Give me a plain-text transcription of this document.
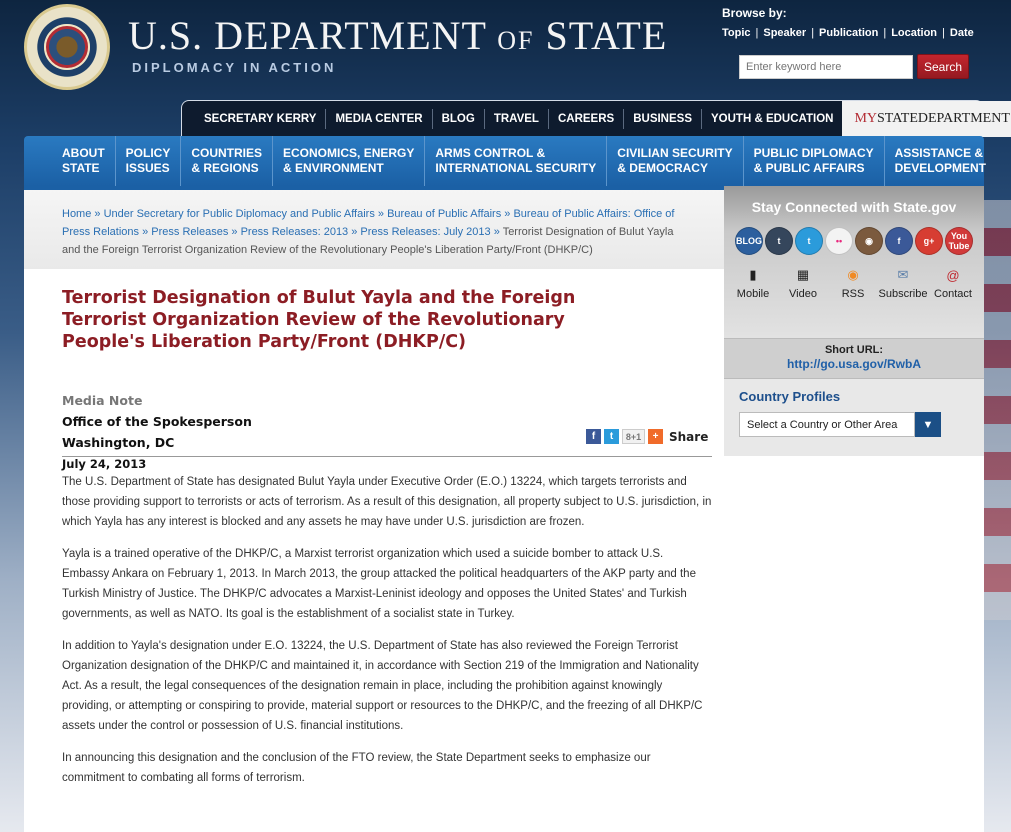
U.S. DEPARTMENT OF STATE
DIPLOMACY IN ACTION
Browse by:
Topic | Speaker | Publication | Location | Date
Enter keyword here
Search
SECRETARY KERRY	MEDIA CENTER	BLOG	TRAVEL	CAREERS	BUSINESS	YOUTH & EDUCATION	MY STATEDEPARTMENT
ABOUT
STATE
POLICY
ISSUES
COUNTRIES
& REGIONS
ECONOMICS, ENERGY
& ENVIRONMENT
ARMS CONTROL &
INTERNATIONAL SECURITY
CIVILIAN SECURITY
& DEMOCRACY
PUBLIC DIPLOMACY
& PUBLIC AFFAIRS
ASSISTANCE &
DEVELOPMENT
Home » Under Secretary for Public Diplomacy and Public Affairs » Bureau of Public Affairs » Bureau of Public Affairs: Office of Press Relations » Press Releases » Press Releases: 2013 » Press Releases: July 2013 » Terrorist Designation of Bulut Yayla and the Foreign Terrorist Organization Review of the Revolutionary People's Liberation Party/Front (DHKP/C)
Terrorist Designation of Bulut Yayla and the Foreign Terrorist Organization Review of the Revolutionary People's Liberation Party/Front (DHKP/C)
Media Note
Office of the Spokesperson
Washington, DC
July 24, 2013
f	t	8+1	+ Share

The U.S. Department of State has designated Bulut Yayla under Executive Order (E.O.) 13224, which targets terrorists and those providing support to terrorists or acts of terrorism. As a result of this designation, all property subject to U.S. jurisdiction, in which Yayla has any interest is blocked and any assets he may have under U.S. jurisdiction are frozen.

Yayla is a trained operative of the DHKP/C, a Marxist terrorist organization which used a suicide bomber to attack U.S. Embassy Ankara on February 1, 2013. In March 2013, the group attacked the political headquarters of the AKP party and the Turkish Ministry of Justice. The DHKP/C advocates a Marxist-Leninist ideology and opposes the United States' and Turkish governments, as well as NATO. Its goal is the establishment of a socialist state in Turkey.

In addition to Yayla's designation under E.O. 13224, the U.S. Department of State has also reviewed the Foreign Terrorist Organization designation of the DHKP/C and maintained it, in accordance with Section 219 of the Immigration and Nationality Act. As a result, the legal consequences of the designation remain in place, including the prohibition against knowingly providing, or attempting or conspiring to provide, material support or resources to the DHKP/C, and the freezing of all DHKP/C assets under the control or possession of U.S. financial institutions.

In announcing this designation and the conclusion of the FTO review, the State Department seeks to emphasize our commitment to combating all forms of terrorism.

Stay Connected with State.gov
BLOG	t	t	••	◉	f	g+	You Tube
▮
Mobile
▦
Video
◉
RSS
✉
Subscribe
@
Contact
Short URL:
http://go.usa.gov/RwbA
Country Profiles
Select a Country or Other Area	▼
